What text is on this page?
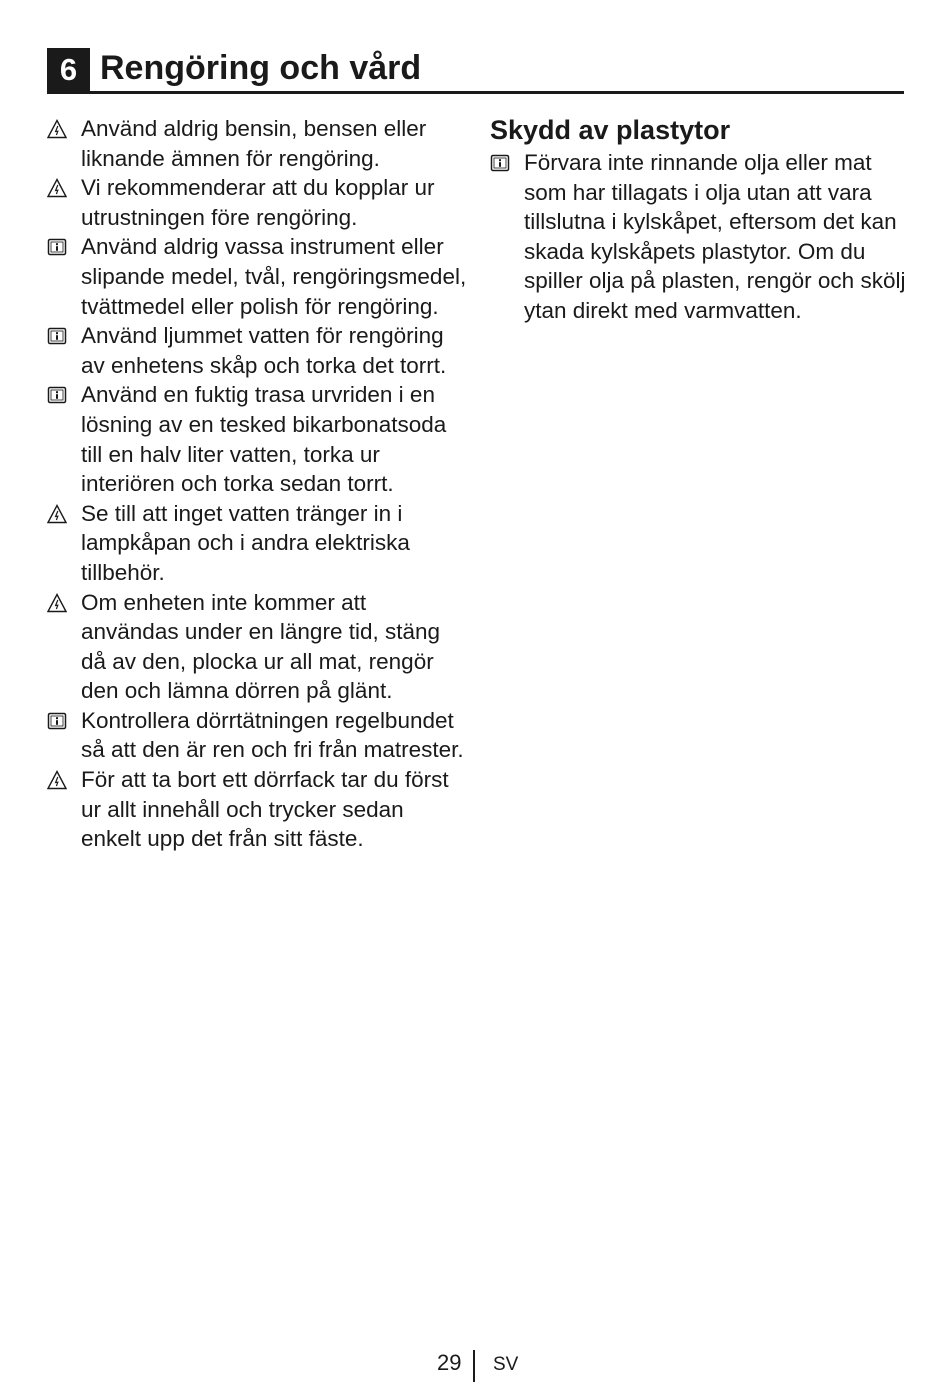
6 Rengöring och vård
Använd aldrig bensin, bensen eller liknande ämnen för rengöring.
Vi rekommenderar att du kopplar ur utrustningen före rengöring.
Använd aldrig vassa instrument eller slipande medel, tvål, rengöringsmedel, tvättmedel eller polish för rengöring.
Använd ljummet vatten för rengöring av enhetens skåp och torka det torrt.
Använd en fuktig trasa urvriden i en lösning av en tesked bikarbonatsoda till en halv liter vatten, torka ur interiören och torka sedan torrt.
Se till att inget vatten tränger in i lampkåpan och i andra elektriska tillbehör.
Om enheten inte kommer att användas under en längre tid, stäng då av den, plocka ur all mat, rengör den och lämna dörren på glänt.
Kontrollera dörrtätningen regelbundet så att den är ren och fri från matrester.
För att ta bort ett dörrfack tar du först ur allt innehåll och trycker sedan enkelt upp det från sitt fäste.
Skydd av plastytor
Förvara inte rinnande olja eller mat som har tillagats i olja utan att vara tillslutna i kylskåpet, eftersom det kan skada kylskåpets plastytor. Om du spiller olja på plasten, rengör och skölj ytan direkt med varmvatten.
29 SV
